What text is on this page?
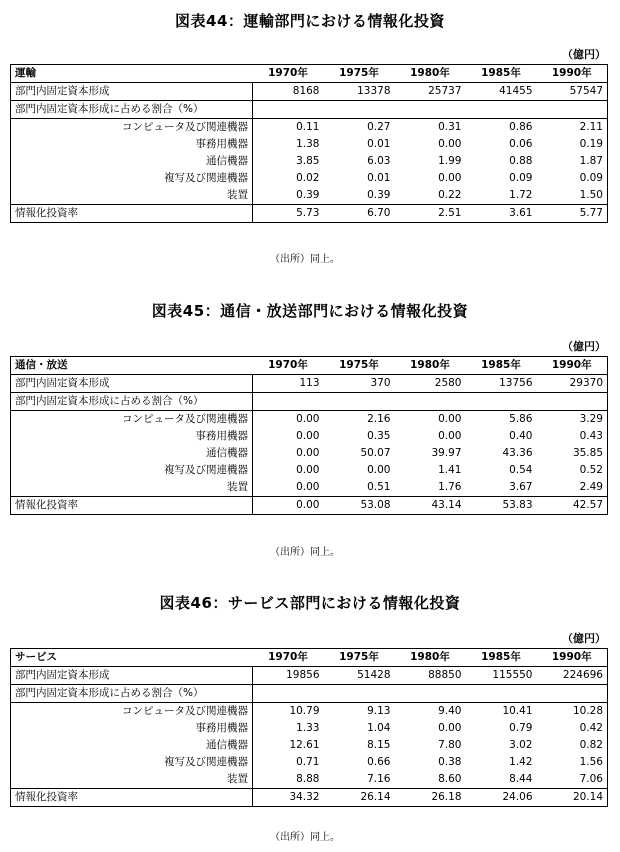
図表44：運輸部門における情報化投資
（億円）
運輸	1970年	1975年	1980年	1985年	1990年
部門内固定資本形成	8168	13378	25737	41455	57547
部門内固定資本形成に占める割合（%）					
コンピュータ及び関連機器	0.11	0.27	0.31	0.86	2.11
事務用機器	1.38	0.01	0.00	0.06	0.19
通信機器	3.85	6.03	1.99	0.88	1.87
複写及び関連機器	0.02	0.01	0.00	0.09	0.09
装置	0.39	0.39	0.22	1.72	1.50
情報化投資率	5.73	6.70	2.51	3.61	5.77
（出所）同上。
図表45：通信・放送部門における情報化投資
（億円）
通信・放送	1970年	1975年	1980年	1985年	1990年
部門内固定資本形成	113	370	2580	13756	29370
部門内固定資本形成に占める割合（%）					
コンピュータ及び関連機器	0.00	2.16	0.00	5.86	3.29
事務用機器	0.00	0.35	0.00	0.40	0.43
通信機器	0.00	50.07	39.97	43.36	35.85
複写及び関連機器	0.00	0.00	1.41	0.54	0.52
装置	0.00	0.51	1.76	3.67	2.49
情報化投資率	0.00	53.08	43.14	53.83	42.57
（出所）同上。
図表46：サービス部門における情報化投資
（億円）
サービス	1970年	1975年	1980年	1985年	1990年
部門内固定資本形成	19856	51428	88850	115550	224696
部門内固定資本形成に占める割合（%）					
コンピュータ及び関連機器	10.79	9.13	9.40	10.41	10.28
事務用機器	1.33	1.04	0.00	0.79	0.42
通信機器	12.61	8.15	7.80	3.02	0.82
複写及び関連機器	0.71	0.66	0.38	1.42	1.56
装置	8.88	7.16	8.60	8.44	7.06
情報化投資率	34.32	26.14	26.18	24.06	20.14
（出所）同上。
